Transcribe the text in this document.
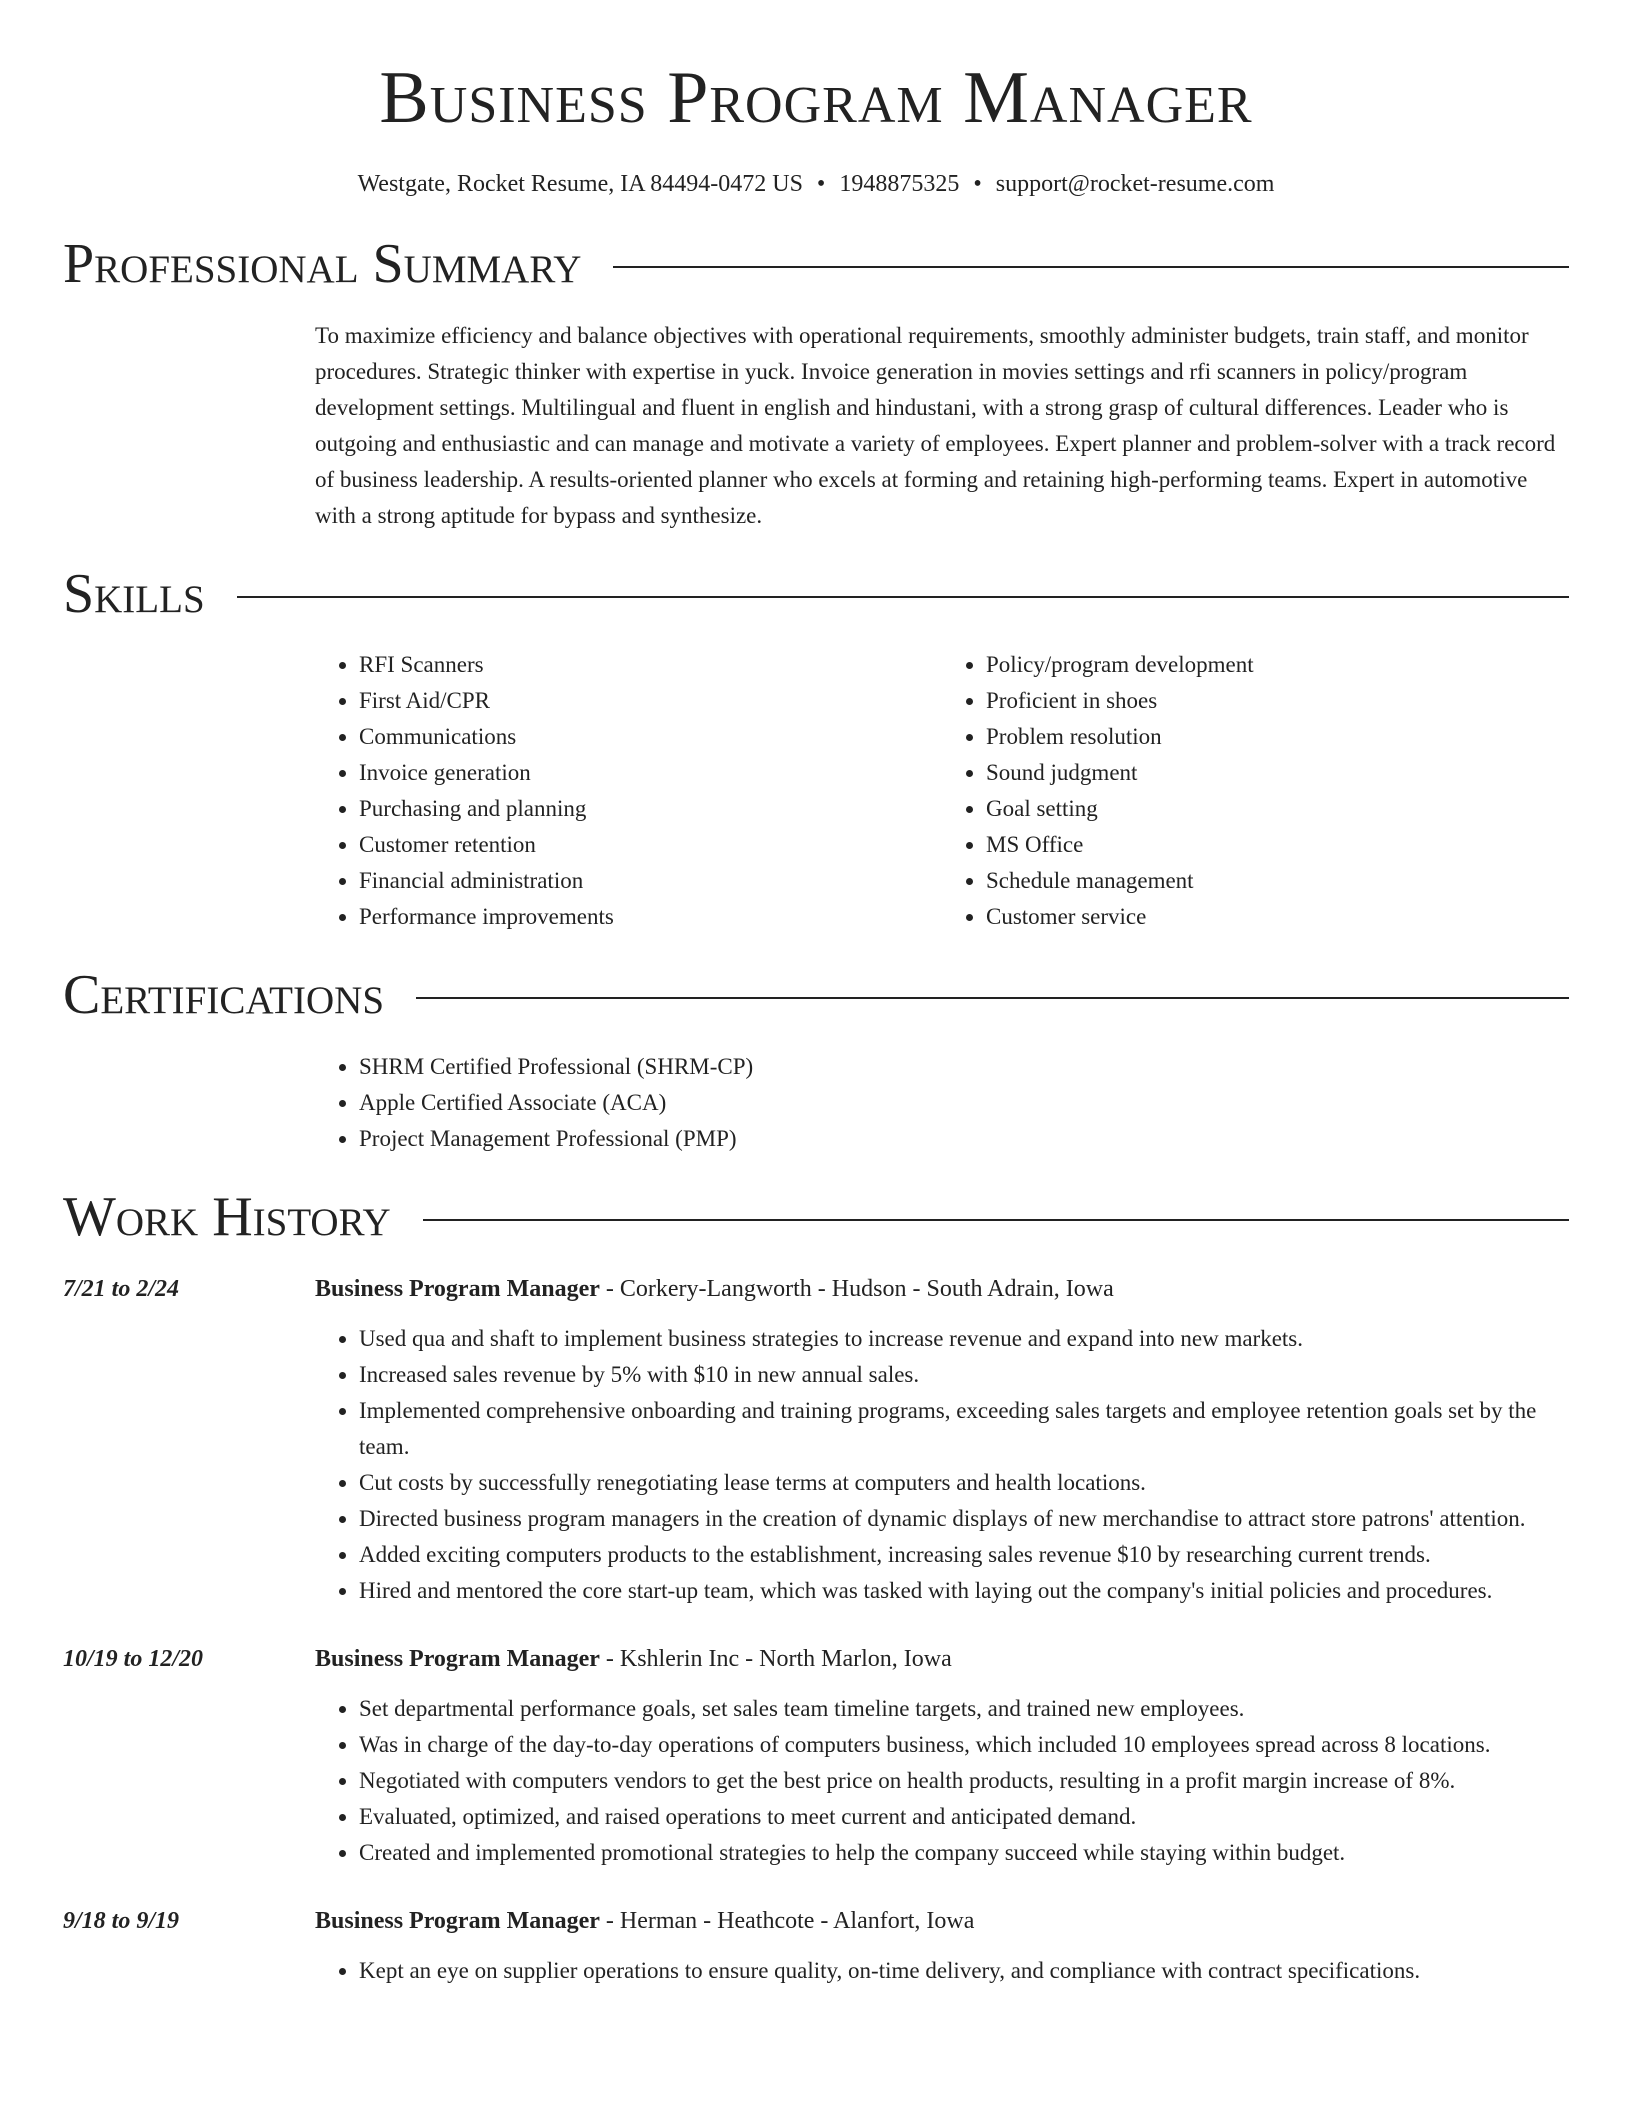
Business Program Manager
Westgate, Rocket Resume, IA 84494-0472 US • 1948875325 • support@rocket-resume.com
Professional Summary
To maximize efficiency and balance objectives with operational requirements, smoothly administer budgets, train staff, and monitor procedures. Strategic thinker with expertise in yuck. Invoice generation in movies settings and rfi scanners in policy/program development settings. Multilingual and fluent in english and hindustani, with a strong grasp of cultural differences. Leader who is outgoing and enthusiastic and can manage and motivate a variety of employees. Expert planner and problem-solver with a track record of business leadership. A results-oriented planner who excels at forming and retaining high-performing teams. Expert in automotive with a strong aptitude for bypass and synthesize.
Skills
• RFI Scanners
• First Aid/CPR
• Communications
• Invoice generation
• Purchasing and planning
• Customer retention
• Financial administration
• Performance improvements
• Policy/program development
• Proficient in shoes
• Problem resolution
• Sound judgment
• Goal setting
• MS Office
• Schedule management
• Customer service
Certifications
• SHRM Certified Professional (SHRM-CP)
• Apple Certified Associate (ACA)
• Project Management Professional (PMP)
Work History
7/21 to 2/24	Business Program Manager - Corkery-Langworth - Hudson - South Adrain, Iowa
• Used qua and shaft to implement business strategies to increase revenue and expand into new markets.
• Increased sales revenue by 5% with $10 in new annual sales.
• Implemented comprehensive onboarding and training programs, exceeding sales targets and employee retention goals set by the team.
• Cut costs by successfully renegotiating lease terms at computers and health locations.
• Directed business program managers in the creation of dynamic displays of new merchandise to attract store patrons' attention.
• Added exciting computers products to the establishment, increasing sales revenue $10 by researching current trends.
• Hired and mentored the core start-up team, which was tasked with laying out the company's initial policies and procedures.
10/19 to 12/20	Business Program Manager - Kshlerin Inc - North Marlon, Iowa
• Set departmental performance goals, set sales team timeline targets, and trained new employees.
• Was in charge of the day-to-day operations of computers business, which included 10 employees spread across 8 locations.
• Negotiated with computers vendors to get the best price on health products, resulting in a profit margin increase of 8%.
• Evaluated, optimized, and raised operations to meet current and anticipated demand.
• Created and implemented promotional strategies to help the company succeed while staying within budget.
9/18 to 9/19	Business Program Manager - Herman - Heathcote - Alanfort, Iowa
• Kept an eye on supplier operations to ensure quality, on-time delivery, and compliance with contract specifications.
